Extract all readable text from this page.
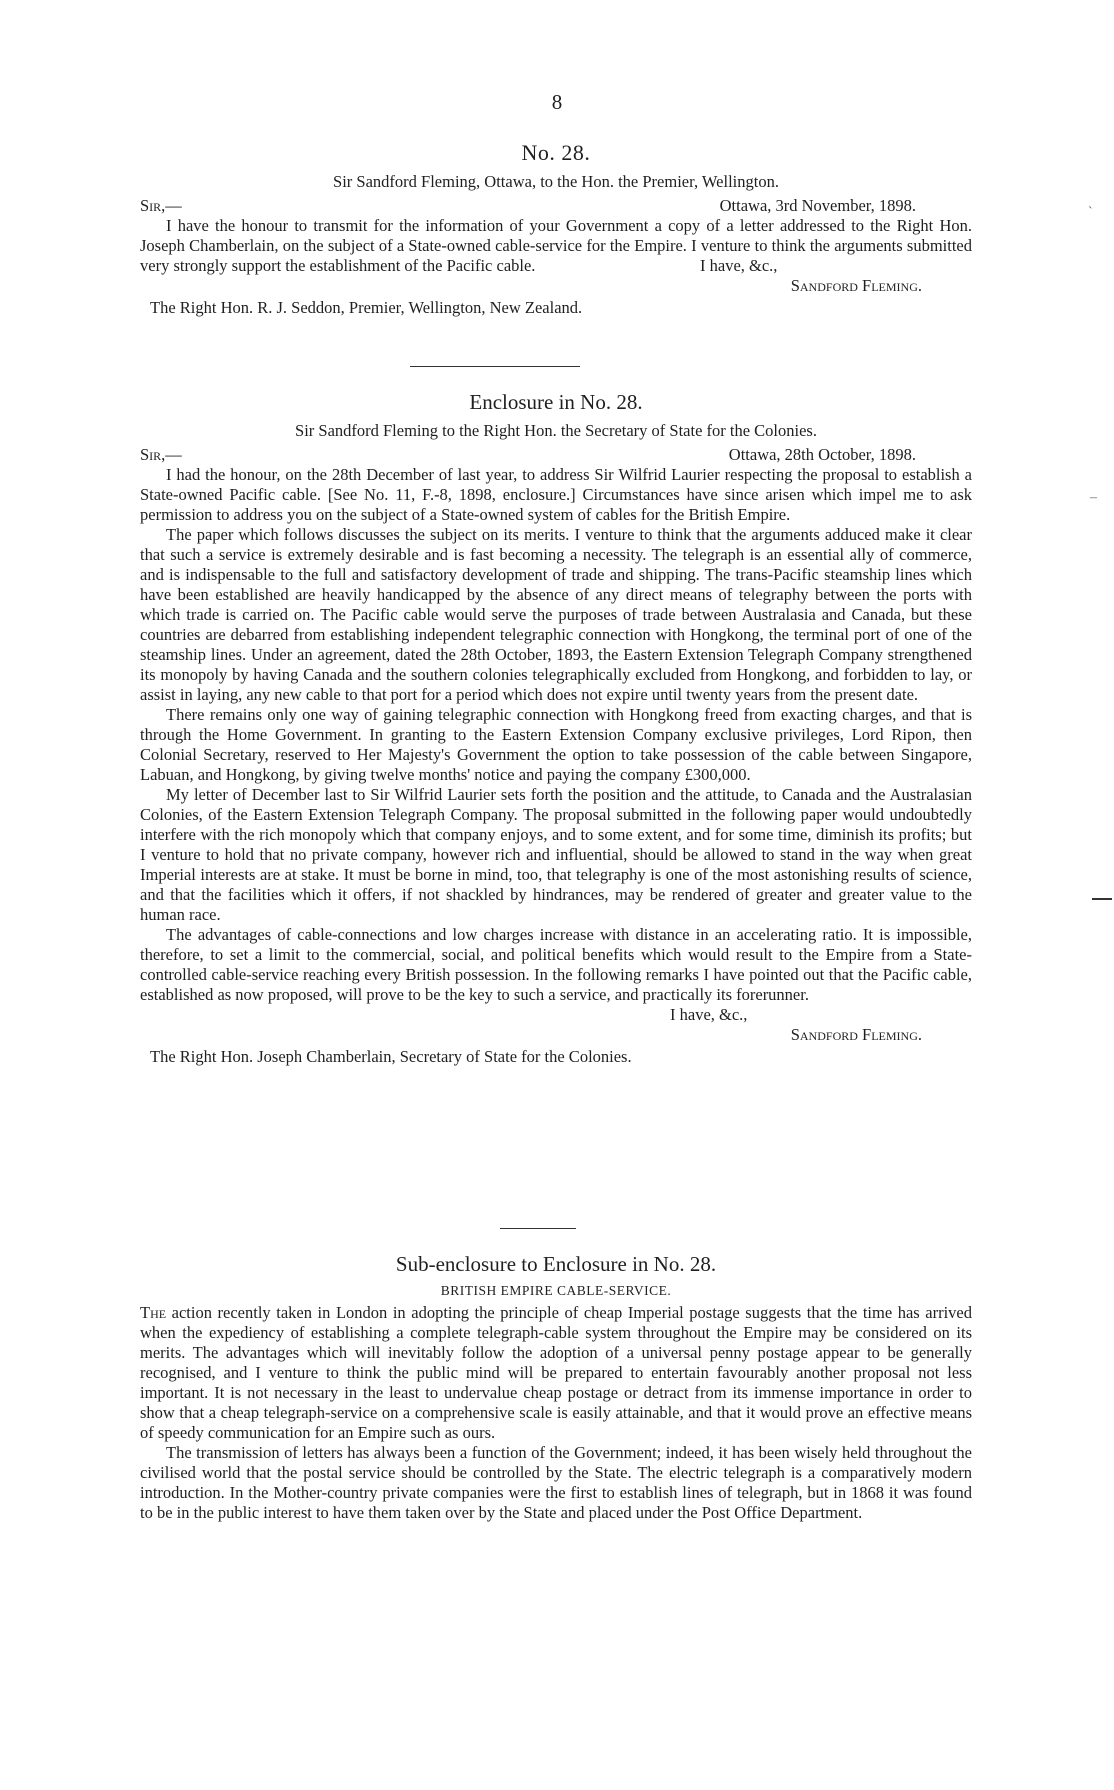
8
No. 28.

Sir Sandford Fleming, Ottawa, to the Hon. the Premier, Wellington.

Sir,—	Ottawa, 3rd November, 1898.

I have the honour to transmit for the information of your Government a copy of a letter addressed to the Right Hon. Joseph Chamberlain, on the subject of a State-owned cable-service for the Empire. I venture to think the arguments submitted very strongly support the establishment of the Pacific cable.	I have, &c.,
Sandford Fleming.

The Right Hon. R. J. Seddon, Premier, Wellington, New Zealand.

Enclosure in No. 28.

Sir Sandford Fleming to the Right Hon. the Secretary of State for the Colonies.

Sir,—	Ottawa, 28th October, 1898.

I had the honour, on the 28th December of last year, to address Sir Wilfrid Laurier respecting the proposal to establish a State-owned Pacific cable. [See No. 11, F.-8, 1898, enclosure.] Circumstances have since arisen which impel me to ask permission to address you on the subject of a State-owned system of cables for the British Empire.

The paper which follows discusses the subject on its merits. I venture to think that the arguments adduced make it clear that such a service is extremely desirable and is fast becoming a necessity. The telegraph is an essential ally of commerce, and is indispensable to the full and satisfactory development of trade and shipping. The trans-Pacific steamship lines which have been established are heavily handicapped by the absence of any direct means of telegraphy between the ports with which trade is carried on. The Pacific cable would serve the purposes of trade between Australasia and Canada, but these countries are debarred from establishing independent telegraphic connection with Hongkong, the terminal port of one of the steamship lines. Under an agreement, dated the 28th October, 1893, the Eastern Extension Telegraph Company strengthened its monopoly by having Canada and the southern colonies telegraphically excluded from Hongkong, and forbidden to lay, or assist in laying, any new cable to that port for a period which does not expire until twenty years from the present date.

There remains only one way of gaining telegraphic connection with Hongkong freed from exacting charges, and that is through the Home Government. In granting to the Eastern Extension Company exclusive privileges, Lord Ripon, then Colonial Secretary, reserved to Her Majesty's Government the option to take possession of the cable between Singapore, Labuan, and Hongkong, by giving twelve months' notice and paying the company £300,000.

My letter of December last to Sir Wilfrid Laurier sets forth the position and the attitude, to Canada and the Australasian Colonies, of the Eastern Extension Telegraph Company. The proposal submitted in the following paper would undoubtedly interfere with the rich monopoly which that company enjoys, and to some extent, and for some time, diminish its profits; but I venture to hold that no private company, however rich and influential, should be allowed to stand in the way when great Imperial interests are at stake. It must be borne in mind, too, that telegraphy is one of the most astonishing results of science, and that the facilities which it offers, if not shackled by hindrances, may be rendered of greater and greater value to the human race.

The advantages of cable-connections and low charges increase with distance in an accelerating ratio. It is impossible, therefore, to set a limit to the commercial, social, and political benefits which would result to the Empire from a State-controlled cable-service reaching every British possession. In the following remarks I have pointed out that the Pacific cable, established as now proposed, will prove to be the key to such a service, and practically its forerunner.

I have, &c.,
Sandford Fleming.

The Right Hon. Joseph Chamberlain, Secretary of State for the Colonies.

Sub-enclosure to Enclosure in No. 28.
BRITISH EMPIRE CABLE-SERVICE.

The action recently taken in London in adopting the principle of cheap Imperial postage suggests that the time has arrived when the expediency of establishing a complete telegraph-cable system throughout the Empire may be considered on its merits. The advantages which will inevitably follow the adoption of a universal penny postage appear to be generally recognised, and I venture to think the public mind will be prepared to entertain favourably another proposal not less important. It is not necessary in the least to undervalue cheap postage or detract from its immense importance in order to show that a cheap telegraph-service on a comprehensive scale is easily attainable, and that it would prove an effective means of speedy communication for an Empire such as ours.

The transmission of letters has always been a function of the Government; indeed, it has been wisely held throughout the civilised world that the postal service should be controlled by the State. The electric telegraph is a comparatively modern introduction. In the Mother-country private companies were the first to establish lines of telegraph, but in 1868 it was found to be in the public interest to have them taken over by the State and placed under the Post Office Department.

`
–
